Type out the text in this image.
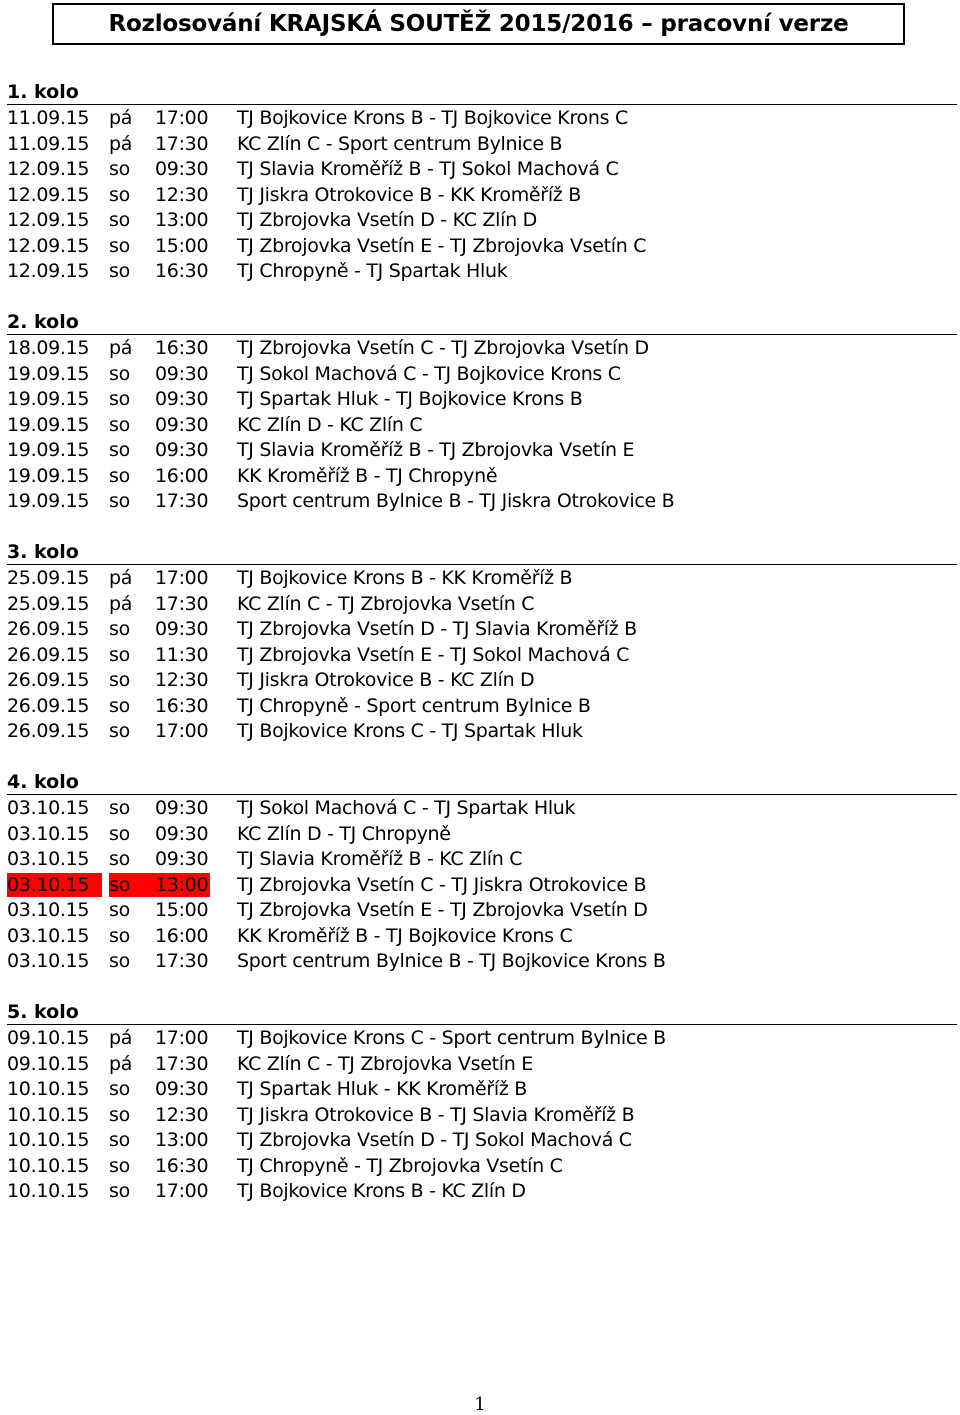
Rozlosování KRAJSKÁ SOUTĚŽ 2015/2016 – pracovní verze
1. kolo
11.09.15	pá	17:00 TJ Bojkovice Krons B - TJ Bojkovice Krons C
11.09.15	pá	17:30 KC Zlín C - Sport centrum Bylnice B
12.09.15	so	09:30 TJ Slavia Kroměříž B - TJ Sokol Machová C
12.09.15	so	12:30 TJ Jiskra Otrokovice B - KK Kroměříž B
12.09.15	so	13:00 TJ Zbrojovka Vsetín D - KC Zlín D
12.09.15	so	15:00 TJ Zbrojovka Vsetín E - TJ Zbrojovka Vsetín C
12.09.15	so	16:30 TJ Chropyně - TJ Spartak Hluk
2. kolo
18.09.15	pá	16:30 TJ Zbrojovka Vsetín C - TJ Zbrojovka Vsetín D
19.09.15	so	09:30 TJ Sokol Machová C - TJ Bojkovice Krons C
19.09.15	so	09:30 TJ Spartak Hluk - TJ Bojkovice Krons B
19.09.15	so	09:30 KC Zlín D - KC Zlín C
19.09.15	so	09:30 TJ Slavia Kroměříž B - TJ Zbrojovka Vsetín E
19.09.15	so	16:00 KK Kroměříž B - TJ Chropyně
19.09.15	so	17:30 Sport centrum Bylnice B - TJ Jiskra Otrokovice B
3. kolo
25.09.15	pá	17:00 TJ Bojkovice Krons B - KK Kroměříž B
25.09.15	pá	17:30 KC Zlín C - TJ Zbrojovka Vsetín C
26.09.15	so	09:30 TJ Zbrojovka Vsetín D - TJ Slavia Kroměříž B
26.09.15	so	11:30 TJ Zbrojovka Vsetín E - TJ Sokol Machová C
26.09.15	so	12:30 TJ Jiskra Otrokovice B - KC Zlín D
26.09.15	so	16:30 TJ Chropyně - Sport centrum Bylnice B
26.09.15	so	17:00 TJ Bojkovice Krons C - TJ Spartak Hluk
4. kolo
03.10.15	so	09:30 TJ Sokol Machová C - TJ Spartak Hluk
03.10.15	so	09:30 KC Zlín D - TJ Chropyně
03.10.15	so	09:30 TJ Slavia Kroměříž B - KC Zlín C
03.10.15	so	13:00 TJ Zbrojovka Vsetín C - TJ Jiskra Otrokovice B
03.10.15	so	15:00 TJ Zbrojovka Vsetín E - TJ Zbrojovka Vsetín D
03.10.15	so	16:00 KK Kroměříž B - TJ Bojkovice Krons C
03.10.15	so	17:30 Sport centrum Bylnice B - TJ Bojkovice Krons B
5. kolo
09.10.15	pá	17:00 TJ Bojkovice Krons C - Sport centrum Bylnice B
09.10.15	pá	17:30 KC Zlín C - TJ Zbrojovka Vsetín E
10.10.15	so	09:30 TJ Spartak Hluk - KK Kroměříž B
10.10.15	so	12:30 TJ Jiskra Otrokovice B - TJ Slavia Kroměříž B
10.10.15	so	13:00 TJ Zbrojovka Vsetín D - TJ Sokol Machová C
10.10.15	so	16:30 TJ Chropyně - TJ Zbrojovka Vsetín C
10.10.15	so	17:00 TJ Bojkovice Krons B - KC Zlín D
1
